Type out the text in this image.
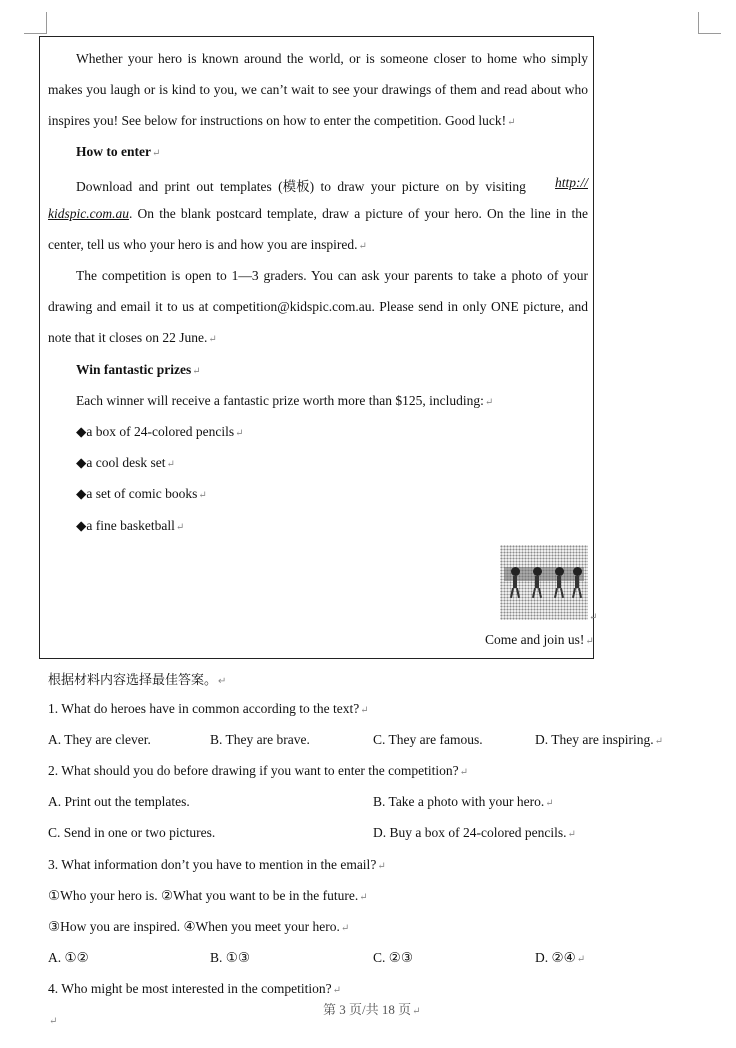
Whether your hero is known around the world, or is someone closer to home who simply
makes you laugh or is kind to you, we can’t wait to see your drawings of them and read about who
inspires you! See below for instructions on how to enter the competition. Good luck!↵
How to enter↵
Download and print out templates (模板) to draw your picture on by visiting http://
kidspic.com.au. On the blank postcard template, draw a picture of your hero. On the line in the
center, tell us who your hero is and how you are inspired.↵
The competition is open to 1—3 graders. You can ask your parents to take a photo of your
drawing and email it to us at competition@kidspic.com.au. Please send in only ONE picture, and
note that it closes on 22 June.↵
Win fantastic prizes↵
Each winner will receive a fantastic prize worth more than $125, including:↵
◆a box of 24-colored pencils↵
◆a cool desk set↵
◆a set of comic books↵
◆a fine basketball↵
↵
Come and join us!↵
根据材料内容选择最佳答案。↵
1. What do heroes have in common according to the text?↵
A. They are clever.	B. They are brave.	C. They are famous.	D. They are inspiring.↵
2. What should you do before drawing if you want to enter the competition?↵
A. Print out the templates.	B. Take a photo with your hero.↵
C. Send in one or two pictures.	D. Buy a box of 24-colored pencils.↵
3. What information don’t you have to mention in the email?↵
①Who your hero is. ②What you want to be in the future.↵
③How you are inspired. ④When you meet your hero.↵
A. ①②	B. ①③	C. ②③	D. ②④↵
4. Who might be most interested in the competition?↵
第 3 页/共 18 页↵
↵
